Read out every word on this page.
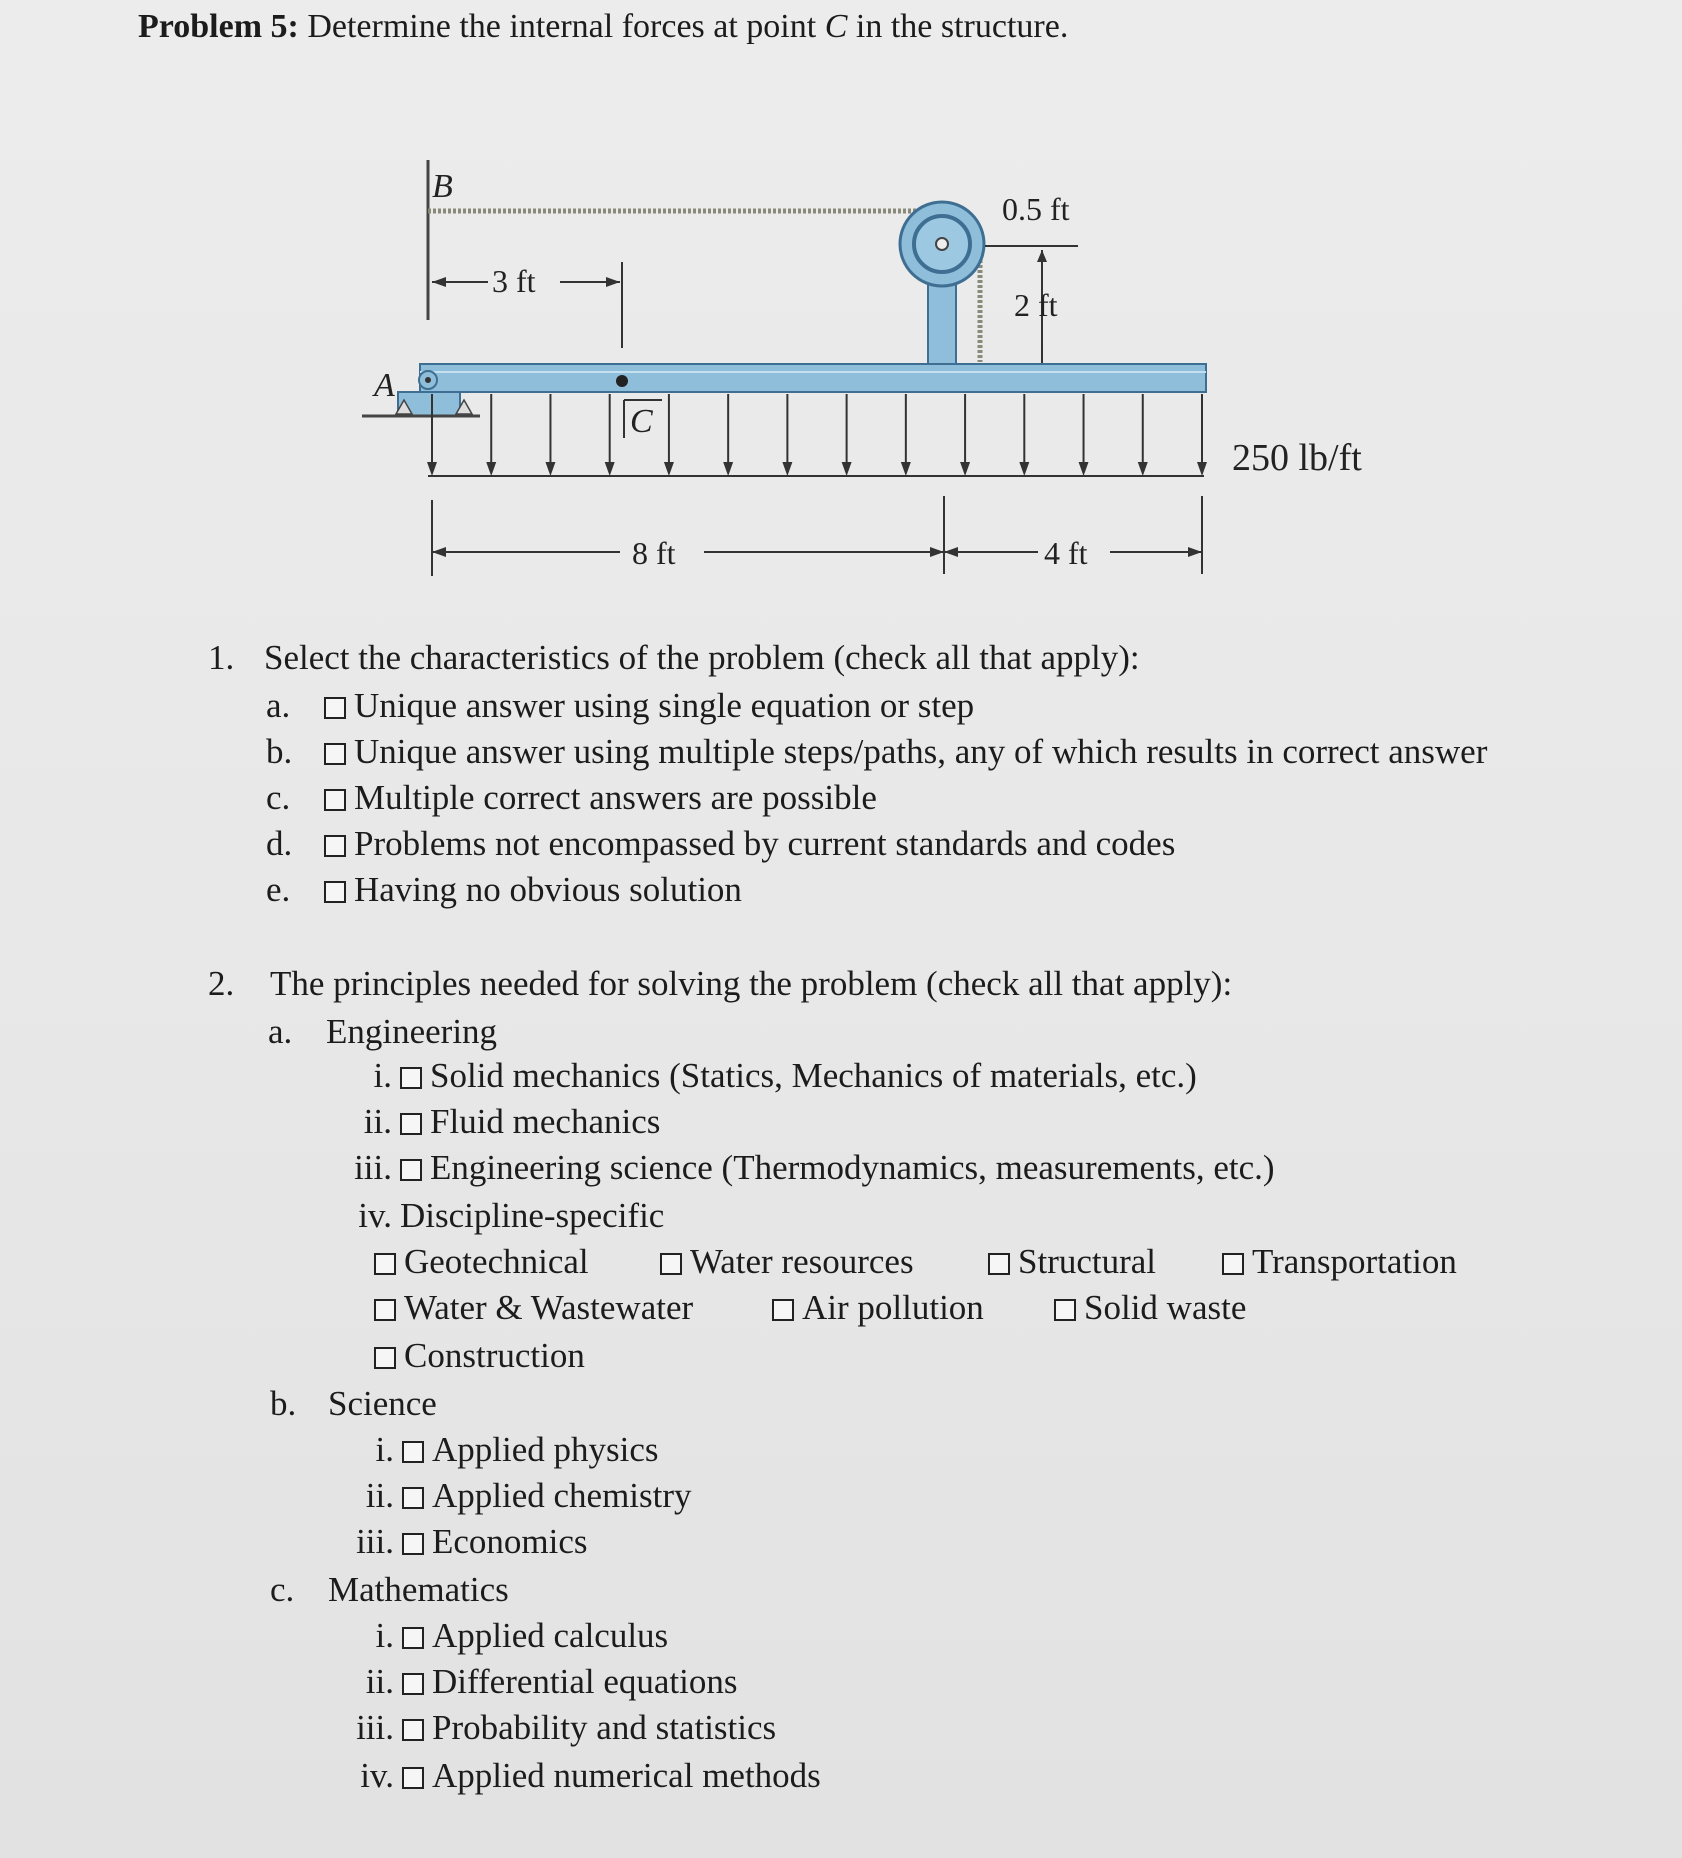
Problem 5: Determine the internal forces at point C in the structure.
B
3 ft
0.5 ft
2 ft
A
C
250 lb/ft
8 ft	4 ft
1. Select the characteristics of the problem (check all that apply):
a. Unique answer using single equation or step
b. Unique answer using multiple steps/paths, any of which results in correct answer
c. Multiple correct answers are possible
d. Problems not encompassed by current standards and codes
e. Having no obvious solution
2. The principles needed for solving the problem (check all that apply):
a. Engineering
i. Solid mechanics (Statics, Mechanics of materials, etc.)
ii. Fluid mechanics
iii. Engineering science (Thermodynamics, measurements, etc.)
iv. Discipline-specific
Geotechnical	Water resources	Structural	Transportation
Water & Wastewater	Air pollution	Solid waste
Construction
b. Science
i. Applied physics
ii. Applied chemistry
iii. Economics
c. Mathematics
i. Applied calculus
ii. Differential equations
iii. Probability and statistics
iv. Applied numerical methods
